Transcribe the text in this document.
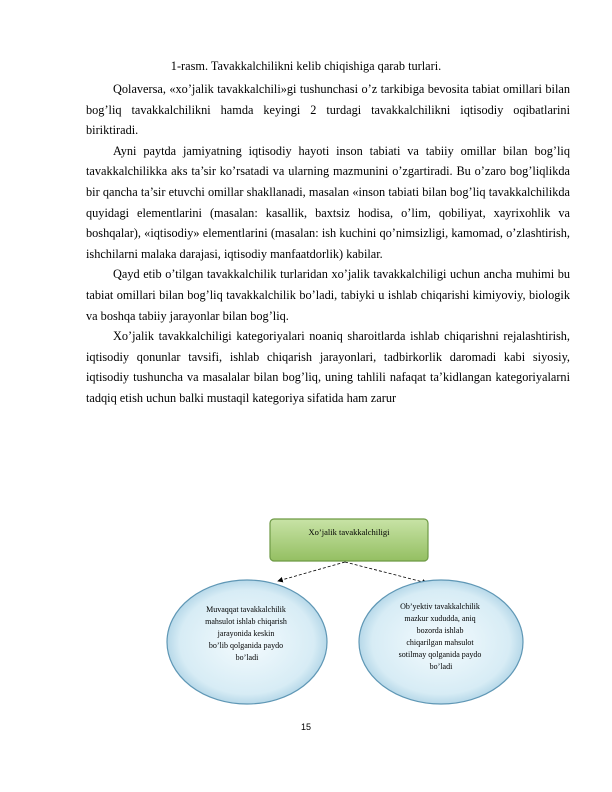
1-rasm. Tavakkalchilikni kelib chiqishiga qarab turlari.

Qolaversa, «xo’jalik tavakkalchili»gi tushunchasi o’z tarkibiga bevosita tabiat omillari bilan bog’liq tavakkalchilikni hamda keyingi 2 turdagi tavakkalchilikni iqtisodiy oqibatlarini biriktiradi.

Ayni paytda jamiyatning iqtisodiy hayoti inson tabiati va tabiiy omillar bilan bog’liq tavakkalchilikka aks ta’sir ko’rsatadi va ularning mazmunini o’zgartiradi. Bu o’zaro bog’liqlikda bir qancha ta’sir etuvchi omillar shakllanadi, masalan «inson tabiati bilan bog’liq tavakkalchilikda quyidagi elementlarini (masalan: kasallik, baxtsiz hodisa, o’lim, qobiliyat, xayrixohlik va boshqalar), «iqtisodiy» elementlarini (masalan: ish kuchini qo’nimsizligi, kamomad, o’zlashtirish, ishchilarni malaka darajasi, iqtisodiy manfaatdorlik) kabilar.

Qayd etib o’tilgan tavakkalchilik turlaridan xo’jalik tavakkalchiligi uchun ancha muhimi bu tabiat omillari bilan bog’liq tavakkalchilik bo’ladi, tabiyki u ishlab chiqarishi kimiyoviy, biologik va boshqa tabiiy jarayonlar bilan bog’liq.

Xo’jalik tavakkalchiligi kategoriyalari noaniq sharoitlarda ishlab chiqarishni rejalashtirish, iqtisodiy qonunlar tavsifi, ishlab chiqarish jarayonlari, tadbirkorlik daromadi kabi siyosiy, iqtisodiy tushuncha va masalalar bilan bog’liq, uning tahlili nafaqat ta’kidlangan kategoriyalarni tadqiq etish uchun balki mustaqil kategoriya sifatida ham zarur

Xo’jalik tavakkalchiligi
Muvaqqat tavakkalchilik mahsulot ishlab chiqarish jarayonida keskin bo’lib qolganida paydo bo’ladi
Ob’yektiv tavakkalchilik mazkur xududda, aniq bozorda ishlab chiqarilgan mahsulot sotilmay qolganida paydo bo’ladi
15
